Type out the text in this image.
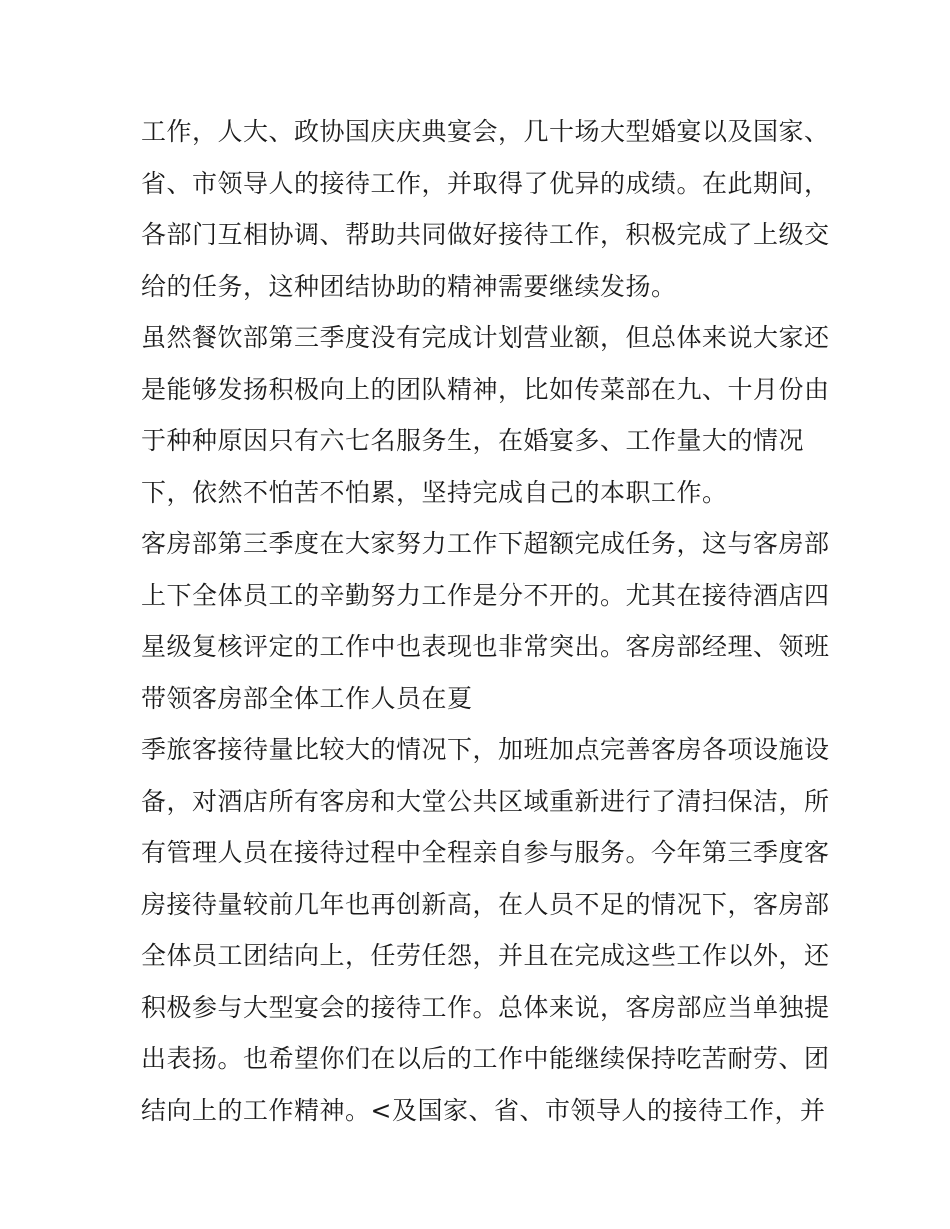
工作，人大、政协国庆庆典宴会，几十场大型婚宴以及国家、
省、市领导人的接待工作，并取得了优异的成绩。在此期间，
各部门互相协调、帮助共同做好接待工作，积极完成了上级交
给的任务，这种团结协助的精神需要继续发扬。
虽然餐饮部第三季度没有完成计划营业额，但总体来说大家还
是能够发扬积极向上的团队精神，比如传菜部在九、十月份由
于种种原因只有六七名服务生，在婚宴多、工作量大的情况
下，依然不怕苦不怕累，坚持完成自己的本职工作。
客房部第三季度在大家努力工作下超额完成任务，这与客房部
上下全体员工的辛勤努力工作是分不开的。尤其在接待酒店四
星级复核评定的工作中也表现也非常突出。客房部经理、领班
带领客房部全体工作人员在夏
季旅客接待量比较大的情况下，加班加点完善客房各项设施设
备，对酒店所有客房和大堂公共区域重新进行了清扫保洁，所
有管理人员在接待过程中全程亲自参与服务。今年第三季度客
房接待量较前几年也再创新高，在人员不足的情况下，客房部
全体员工团结向上，任劳任怨，并且在完成这些工作以外，还
积极参与大型宴会的接待工作。总体来说，客房部应当单独提
出表扬。也希望你们在以后的工作中能继续保持吃苦耐劳、团
结向上的工作精神。<及国家、省、市领导人的接待工作，并
